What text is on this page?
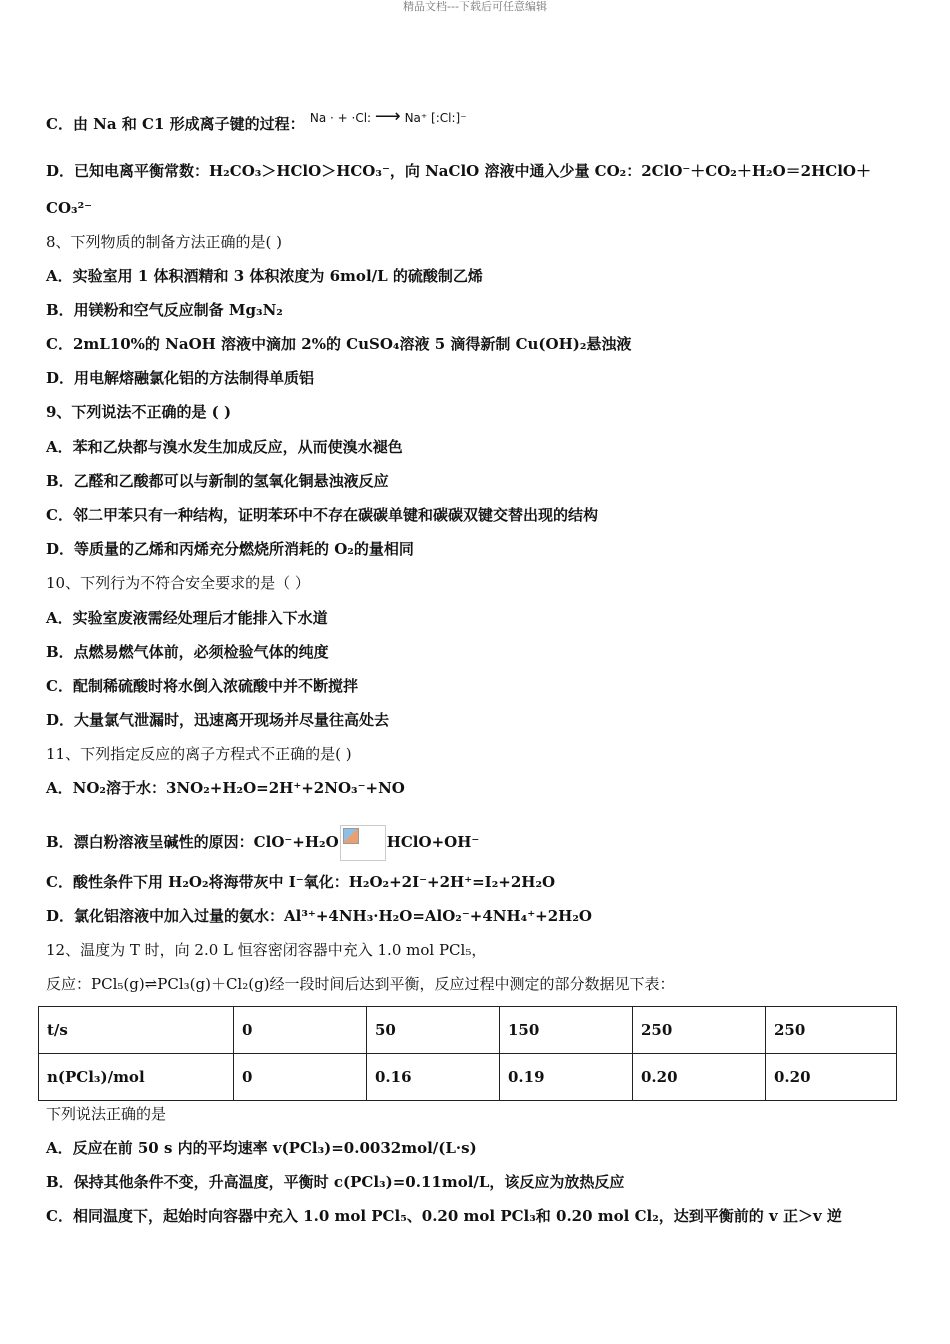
精品文档---下载后可任意编辑
C．由 Na 和 C1 形成离子键的过程： Na · + ·Cl: ⟶ Na⁺ [:Cl:]⁻
D．已知电离平衡常数：H₂CO₃＞HClO＞HCO₃⁻，向 NaClO 溶液中通入少量 CO₂：2ClO⁻＋CO₂＋H₂O＝2HClO＋
CO₃²⁻
8、下列物质的制备方法正确的是( )
A．实验室用 1 体积酒精和 3 体积浓度为 6mol/L 的硫酸制乙烯
B．用镁粉和空气反应制备 Mg₃N₂
C．2mL10%的 NaOH 溶液中滴加 2%的 CuSO₄溶液 5 滴得新制 Cu(OH)₂悬浊液
D．用电解熔融氯化铝的方法制得单质铝
9、下列说法不正确的是 ( )
A．苯和乙炔都与溴水发生加成反应，从而使溴水褪色
B．乙醛和乙酸都可以与新制的氢氧化铜悬浊液反应
C．邻二甲苯只有一种结构，证明苯环中不存在碳碳单键和碳碳双键交替出现的结构
D．等质量的乙烯和丙烯充分燃烧所消耗的 O₂的量相同
10、下列行为不符合安全要求的是（ ）
A．实验室废液需经处理后才能排入下水道
B．点燃易燃气体前，必须检验气体的纯度
C．配制稀硫酸时将水倒入浓硫酸中并不断搅拌
D．大量氯气泄漏时，迅速离开现场并尽量往高处去
11、下列指定反应的离子方程式不正确的是( )
A．NO₂溶于水：3NO₂+H₂O=2H⁺+2NO₃⁻+NO
B．漂白粉溶液呈碱性的原因：ClO⁻+H₂O	HClO+OH⁻
C．酸性条件下用 H₂O₂将海带灰中 I⁻氧化：H₂O₂+2I⁻+2H⁺=I₂+2H₂O
D．氯化铝溶液中加入过量的氨水：Al³⁺+4NH₃·H₂O=AlO₂⁻+4NH₄⁺+2H₂O
12、温度为 T 时，向 2.0 L 恒容密闭容器中充入 1.0 mol PCl₅，
反应：PCl₅(g)⇌PCl₃(g)＋Cl₂(g)经一段时间后达到平衡，反应过程中测定的部分数据见下表：
t/s	0	50	150	250	250
n(PCl₃)/mol	0	0.16	0.19	0.20	0.20
下列说法正确的是
A．反应在前 50 s 内的平均速率 v(PCl₃)=0.0032mol/(L·s)
B．保持其他条件不变，升高温度，平衡时 c(PCl₃)=0.11mol/L，该反应为放热反应
C．相同温度下，起始时向容器中充入 1.0 mol PCl₅、0.20 mol PCl₃和 0.20 mol Cl₂，达到平衡前的 v 正＞v 逆
